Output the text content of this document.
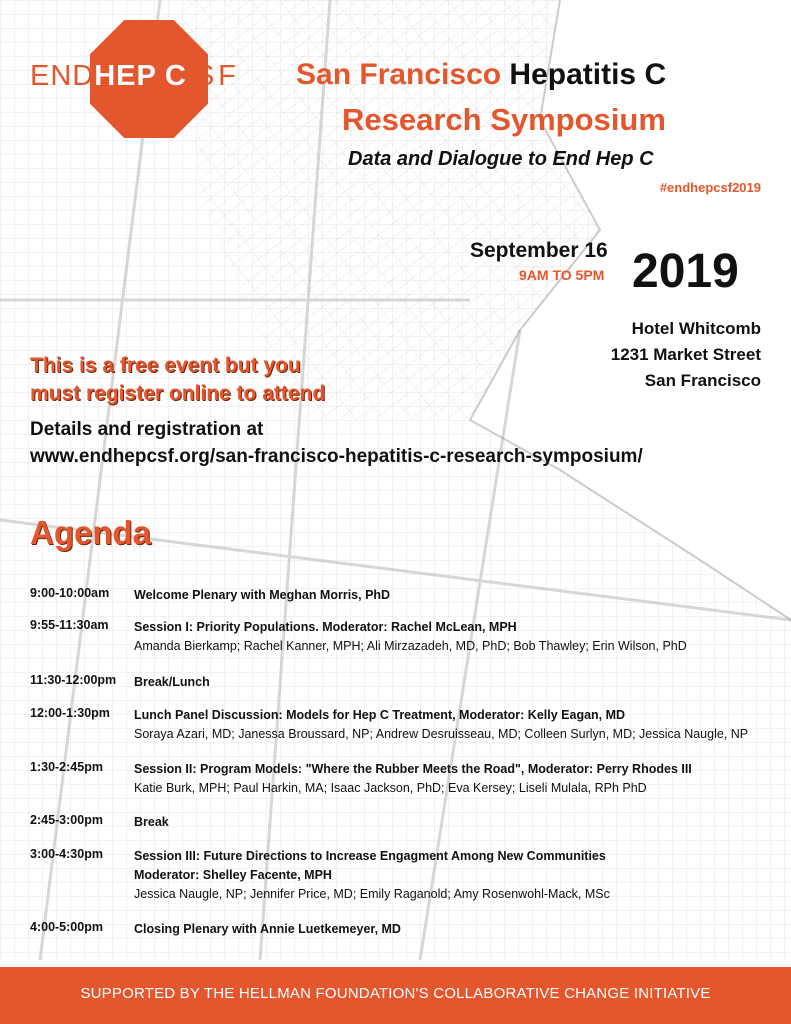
ENDHEP C SF San Francisco Hepatitis C
Research Symposium
Data and Dialogue to End Hep C
#endhepcsf2019
September 16
9AM TO 5PM 2019
Hotel Whitcomb
1231 Market Street
San Francisco
This is a free event but you
must register online to attend
Details and registration at
www.endhepcsf.org/san-francisco-hepatitis-c-research-symposium/
Agenda
9:00-10:00am Welcome Plenary with Meghan Morris, PhD
9:55-11:30am Session I: Priority Populations. Moderator: Rachel McLean, MPH
Amanda Bierkamp; Rachel Kanner, MPH; Ali Mirzazadeh, MD, PhD; Bob Thawley; Erin Wilson, PhD
11:30-12:00pm Break/Lunch
12:00-1:30pm Lunch Panel Discussion: Models for Hep C Treatment, Moderator: Kelly Eagan, MD
Soraya Azari, MD; Janessa Broussard, NP; Andrew Desruisseau, MD; Colleen Surlyn, MD; Jessica Naugle, NP
1:30-2:45pm Session II: Program Models: "Where the Rubber Meets the Road", Moderator: Perry Rhodes III
Katie Burk, MPH; Paul Harkin, MA; Isaac Jackson, PhD; Eva Kersey; Liseli Mulala, RPh PhD
2:45-3:00pm Break
3:00-4:30pm Session III: Future Directions to Increase Engagment Among New Communities
Moderator: Shelley Facente, MPH
Jessica Naugle, NP; Jennifer Price, MD; Emily Raganold; Amy Rosenwohl-Mack, MSc
4:00-5:00pm Closing Plenary with Annie Luetkemeyer, MD
SUPPORTED BY THE HELLMAN FOUNDATION'S COLLABORATIVE CHANGE INITIATIVE
